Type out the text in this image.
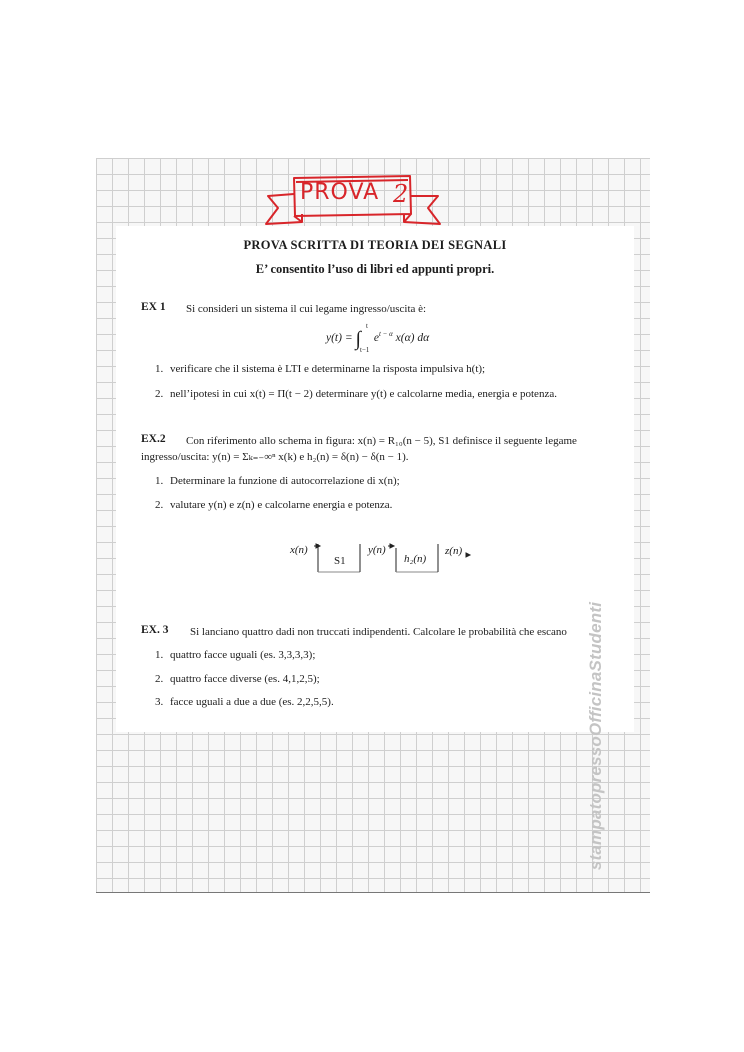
PROVA 2
PROVA SCRITTA DI TEORIA DEI SEGNALI
E’ consentito l’uso di libri ed appunti propri.
EX 1 Si consideri un sistema il cui legame ingresso/uscita è:
y(t) = ∫
t
t−1
$e^{t - \alpha}$ x(α) dα
1. verificare che il sistema è LTI e determinarne la risposta impulsiva h(t);
2. nell’ipotesi in cui x(t) = Π(t − 2) determinare y(t) e calcolarne media, energia e potenza.
EX.2 Con riferimento allo schema in figura: x(n) = R₁₀(n − 5), S1 definisce il seguente legame
ingresso/uscita: y(n) = Σₖ₌₋∞ⁿ x(k) e h₂(n) = δ(n) − δ(n − 1).
1. Determinare la funzione di autocorrelazione di x(n);
2. valutare y(n) e z(n) e calcolarne energia e potenza.
x(n)
S1
y(n)
h₂(n)
z(n)
EX. 3 Si lanciano quattro dadi non truccati indipendenti. Calcolare le probabilità che escano
1. quattro facce uguali (es. 3,3,3,3);
2. quattro facce diverse (es. 4,1,2,5);
3. facce uguali a due a due (es. 2,2,5,5).	stampatopressoOfficinaStudenti
